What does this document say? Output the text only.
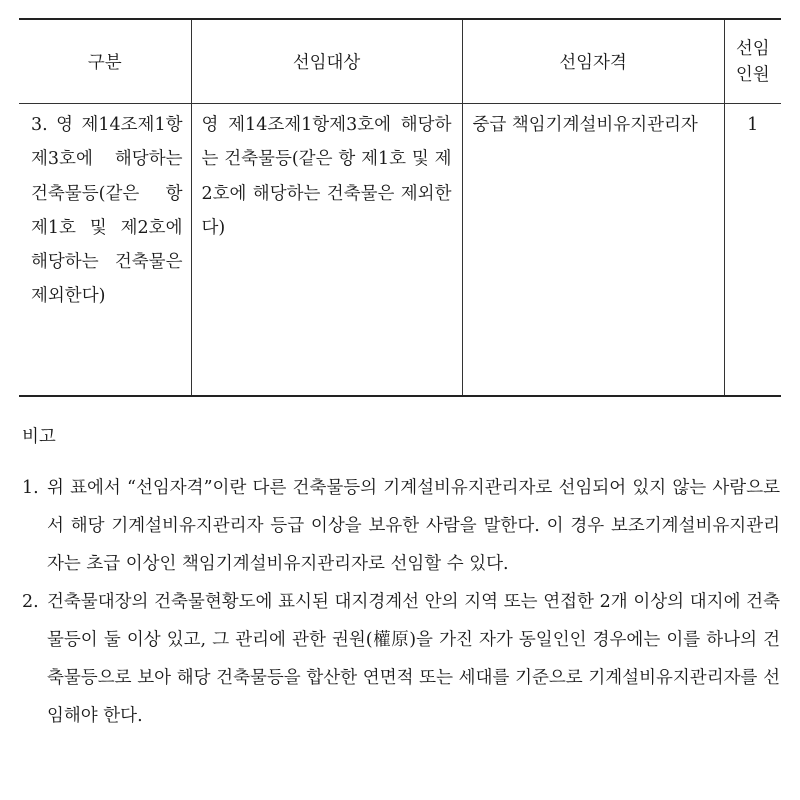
구분	선임대상	선임자격	선임
인원

3. 영 제14조제1항제3호에 해당하는 건축물등(같은 항 제1호 및 제2호에 해당하는 건축물은 제외한다)	영 제14조제1항제3호에 해당하는 건축물등(같은 항 제1호 및 제2호에 해당하는 건축물은 제외한다)	중급 책임기계설비유지관리자	1

비고

1. 위 표에서 “선임자격”이란 다른 건축물등의 기계설비유지관리자로 선임되어 있지 않는 사람으로서 해당 기계설비유지관리자 등급 이상을 보유한 사람을 말한다. 이 경우 보조기계설비유지관리자는 초급 이상인 책임기계설비유지관리자로 선임할 수 있다.

2. 건축물대장의 건축물현황도에 표시된 대지경계선 안의 지역 또는 연접한 2개 이상의 대지에 건축물등이 둘 이상 있고, 그 관리에 관한 권원(權原)을 가진 자가 동일인인 경우에는 이를 하나의 건축물등으로 보아 해당 건축물등을 합산한 연면적 또는 세대를 기준으로 기계설비유지관리자를 선임해야 한다.
